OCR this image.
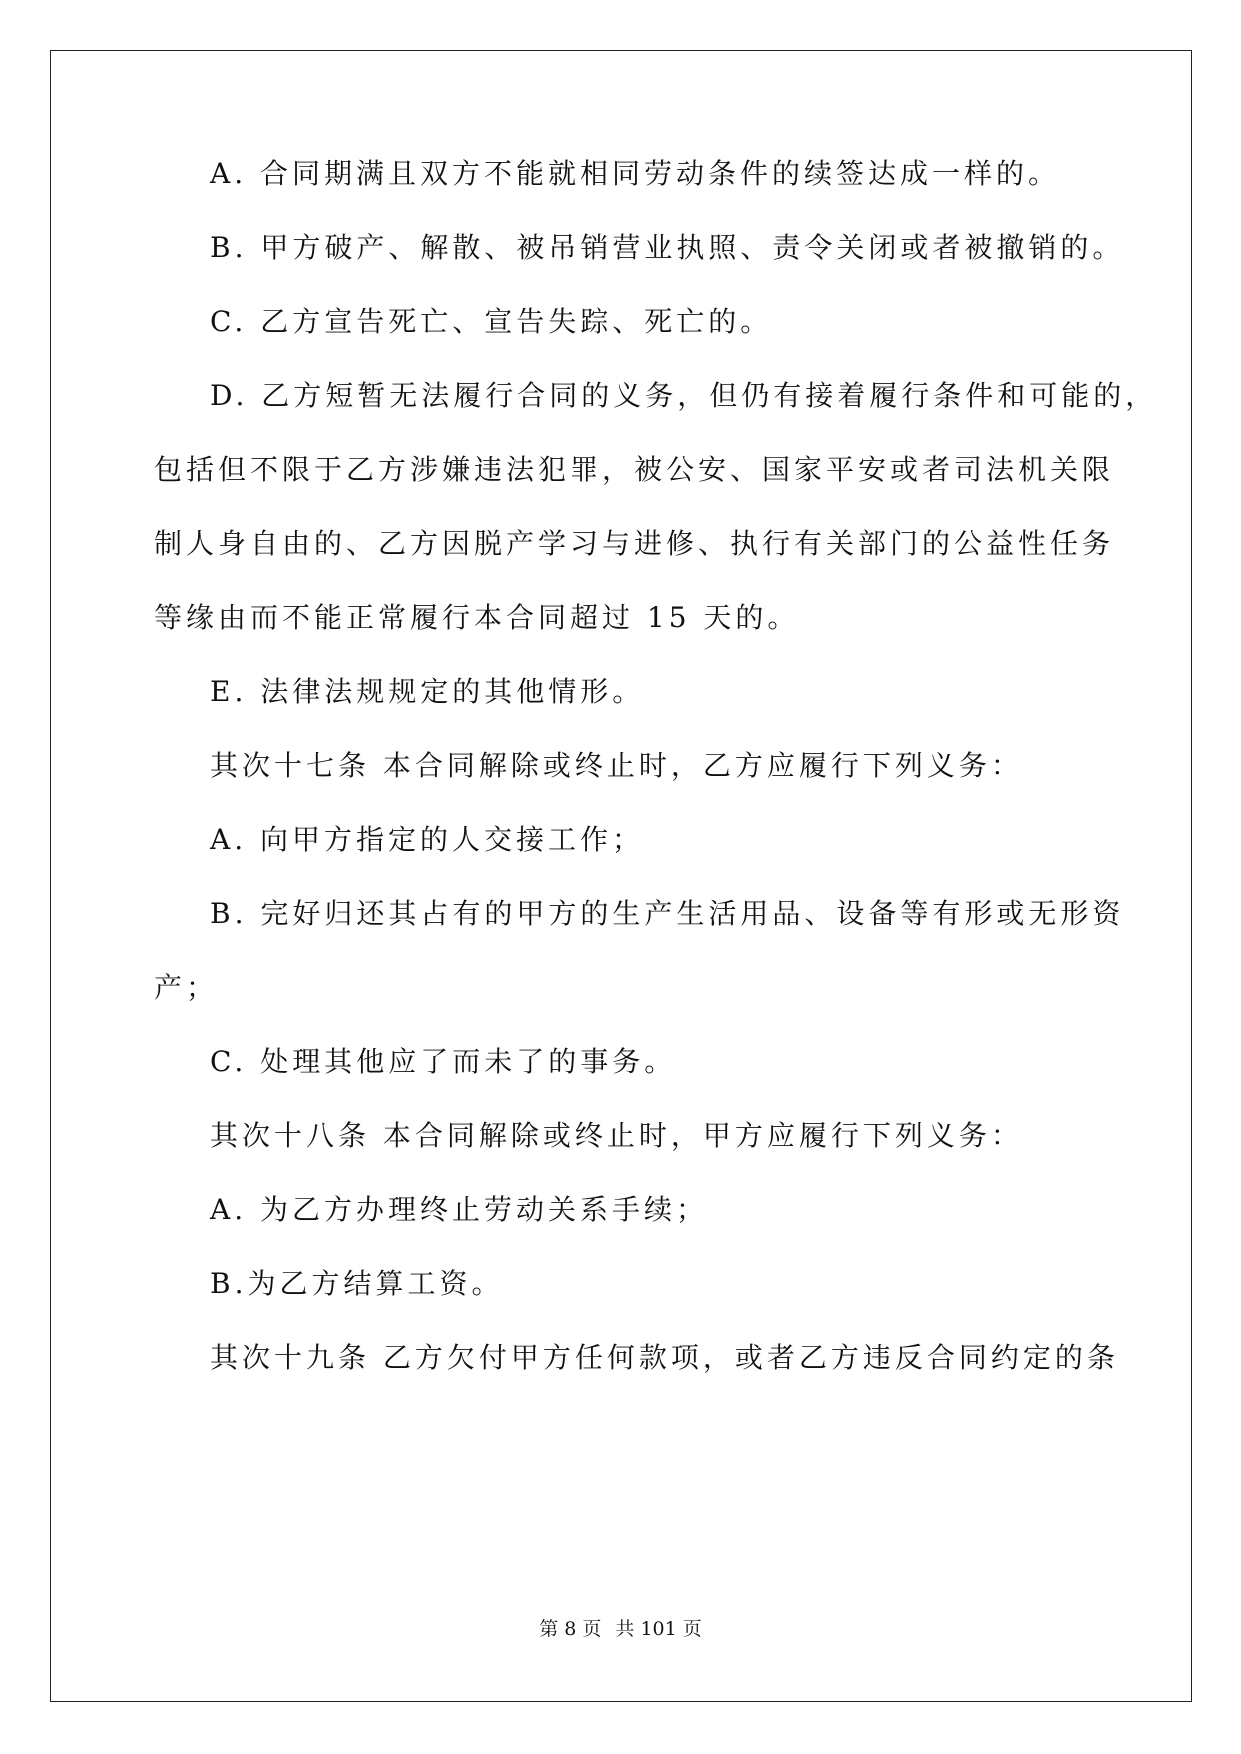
A. 合同期满且双方不能就相同劳动条件的续签达成一样的。
B. 甲方破产、解散、被吊销营业执照、责令关闭或者被撤销的。
C. 乙方宣告死亡、宣告失踪、死亡的。
D. 乙方短暂无法履行合同的义务，但仍有接着履行条件和可能的，
包括但不限于乙方涉嫌违法犯罪，被公安、国家平安或者司法机关限
制人身自由的、乙方因脱产学习与进修、执行有关部门的公益性任务
等缘由而不能正常履行本合同超过 15 天的。
E. 法律法规规定的其他情形。
其次十七条 本合同解除或终止时，乙方应履行下列义务：
A. 向甲方指定的人交接工作；
B. 完好归还其占有的甲方的生产生活用品、设备等有形或无形资
产；
C. 处理其他应了而未了的事务。
其次十八条 本合同解除或终止时，甲方应履行下列义务：
A. 为乙方办理终止劳动关系手续；
B.为乙方结算工资。
其次十九条 乙方欠付甲方任何款项，或者乙方违反合同约定的条
第 8 页 共 101 页
